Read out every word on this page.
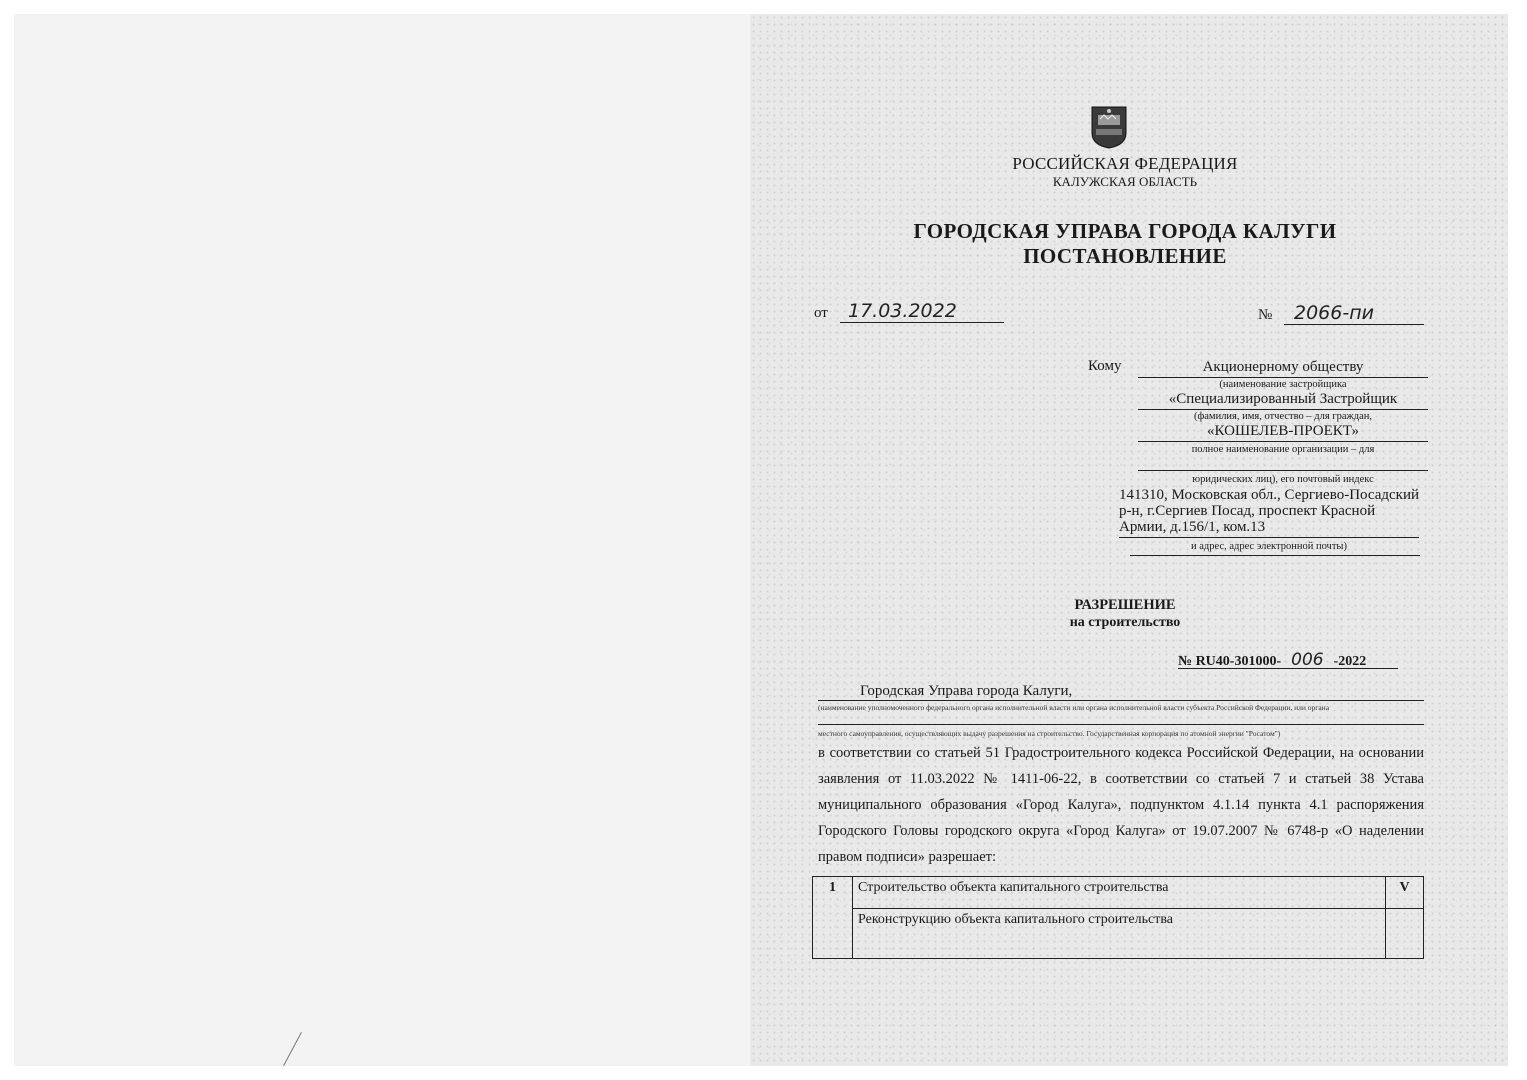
РОССИЙСКАЯ ФЕДЕРАЦИЯ
КАЛУЖСКАЯ ОБЛАСТЬ
ГОРОДСКАЯ УПРАВА ГОРОДА КАЛУГИ
ПОСТАНОВЛЕНИЕ
от	17.03.2022	№	2066-пи
Кому	Акционерному обществу
(наименование застройщика
«Специализированный Застройщик
(фамилия, имя, отчество – для граждан,
«КОШЕЛЕВ-ПРОЕКТ»
полное наименование организации – для
юридических лиц), его почтовый индекс
141310, Московская обл., Сергиево-Посадский
р-н, г.Сергиев Посад, проспект Красной
Армии, д.156/1, ком.13
и адрес, адрес электронной почты)
РАЗРЕШЕНИЕ
на строительство
№ RU40-301000- 006 -2022
Городская Управа города Калуги,
(наименование уполномоченного федерального органа исполнительной власти или органа исполнительной власти субъекта Российской Федерации, или органа
местного самоуправления, осуществляющих выдачу разрешения на строительство. Государственная корпорация по атомной энергии "Росатом")
в соответствии со статьей 51 Градостроительного кодекса Российской Федерации, на основании заявления от 11.03.2022 № 1411-06-22, в соответствии со статьей 7 и статьей 38 Устава муниципального образования «Город Калуга», подпунктом 4.1.14 пункта 4.1 распоряжения Городского Головы городского округа «Город Калуга» от 19.07.2007 № 6748-р «О наделении правом подписи» разрешает:
1	Строительство объекта капитального строительства	V
	Реконструкцию объекта капитального строительства	
